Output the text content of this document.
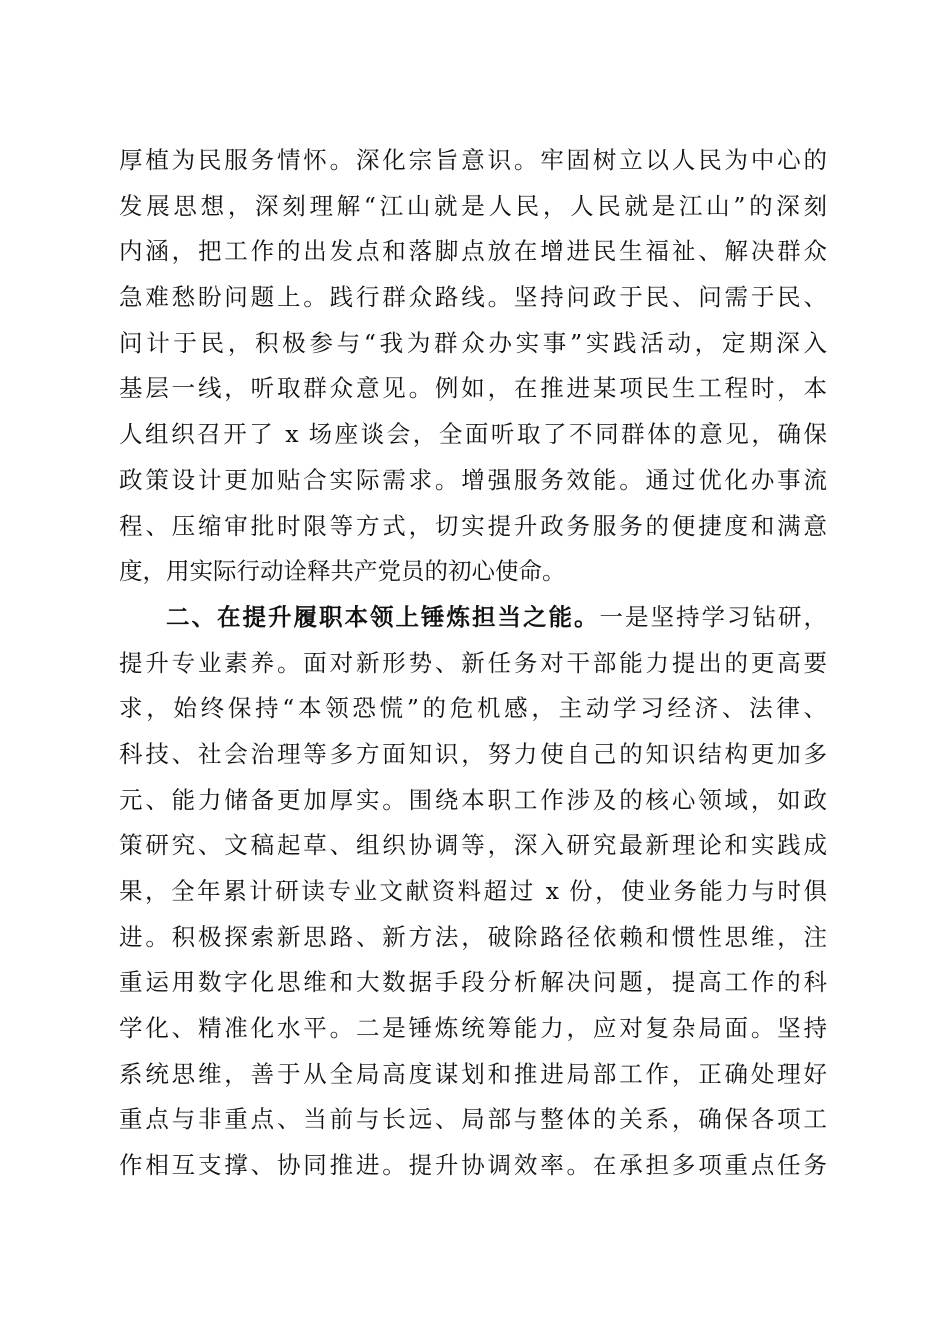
厚植为民服务情怀。深化宗旨意识。牢固树立以人民为中心的
发展思想，深刻理解“江山就是人民，人民就是江山”的深刻
内涵，把工作的出发点和落脚点放在增进民生福祉、解决群众
急难愁盼问题上。践行群众路线。坚持问政于民、问需于民、
问计于民，积极参与“我为群众办实事”实践活动，定期深入
基层一线，听取群众意见。例如，在推进某项民生工程时，本
人组织召开了 x 场座谈会，全面听取了不同群体的意见，确保
政策设计更加贴合实际需求。增强服务效能。通过优化办事流
程、压缩审批时限等方式，切实提升政务服务的便捷度和满意
度，用实际行动诠释共产党员的初心使命。
二、在提升履职本领上锤炼担当之能。一是坚持学习钻研，
提升专业素养。面对新形势、新任务对干部能力提出的更高要
求，始终保持“本领恐慌”的危机感，主动学习经济、法律、
科技、社会治理等多方面知识，努力使自己的知识结构更加多
元、能力储备更加厚实。围绕本职工作涉及的核心领域，如政
策研究、文稿起草、组织协调等，深入研究最新理论和实践成
果，全年累计研读专业文献资料超过 x 份，使业务能力与时俱
进。积极探索新思路、新方法，破除路径依赖和惯性思维，注
重运用数字化思维和大数据手段分析解决问题，提高工作的科
学化、精准化水平。二是锤炼统筹能力，应对复杂局面。坚持
系统思维，善于从全局高度谋划和推进局部工作，正确处理好
重点与非重点、当前与长远、局部与整体的关系，确保各项工
作相互支撑、协同推进。提升协调效率。在承担多项重点任务
